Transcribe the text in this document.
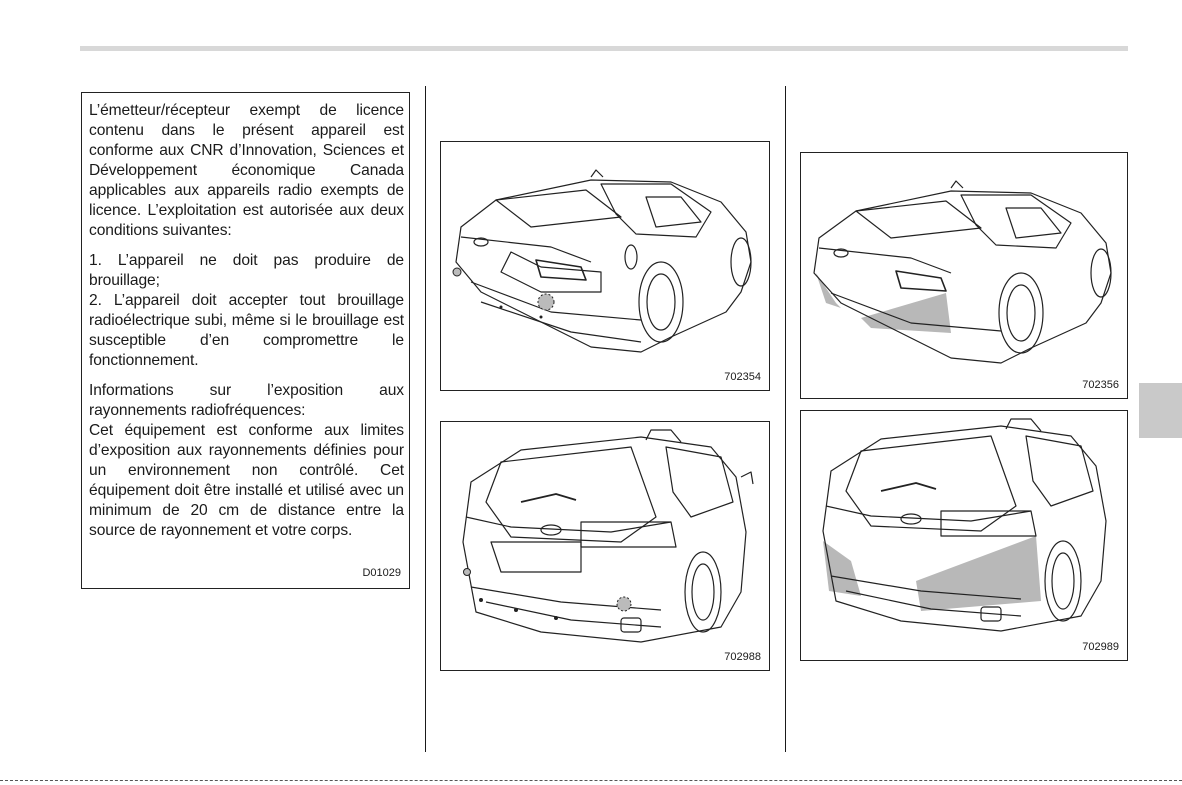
L’émetteur/récepteur exempt de licence contenu dans le présent appareil est conforme aux CNR d’Innovation, Sciences et Développement économique Canada applicables aux appareils radio exempts de licence. L’exploitation est autorisée aux deux conditions suivantes:

1. L’appareil ne doit pas produire de brouillage;

2. L’appareil doit accepter tout brouillage radioélectrique subi, même si le brouillage est susceptible d’en compromettre le fonctionnement.

Informations sur l’exposition aux rayonnements radiofréquences:

Cet équipement est conforme aux limites d’exposition aux rayonnements définies pour un environnement non contrôlé. Cet équipement doit être installé et utilisé avec un minimum de 20 cm de distance entre la source de rayonnement et votre corps.

D01029
702354
702988
702356
702989
